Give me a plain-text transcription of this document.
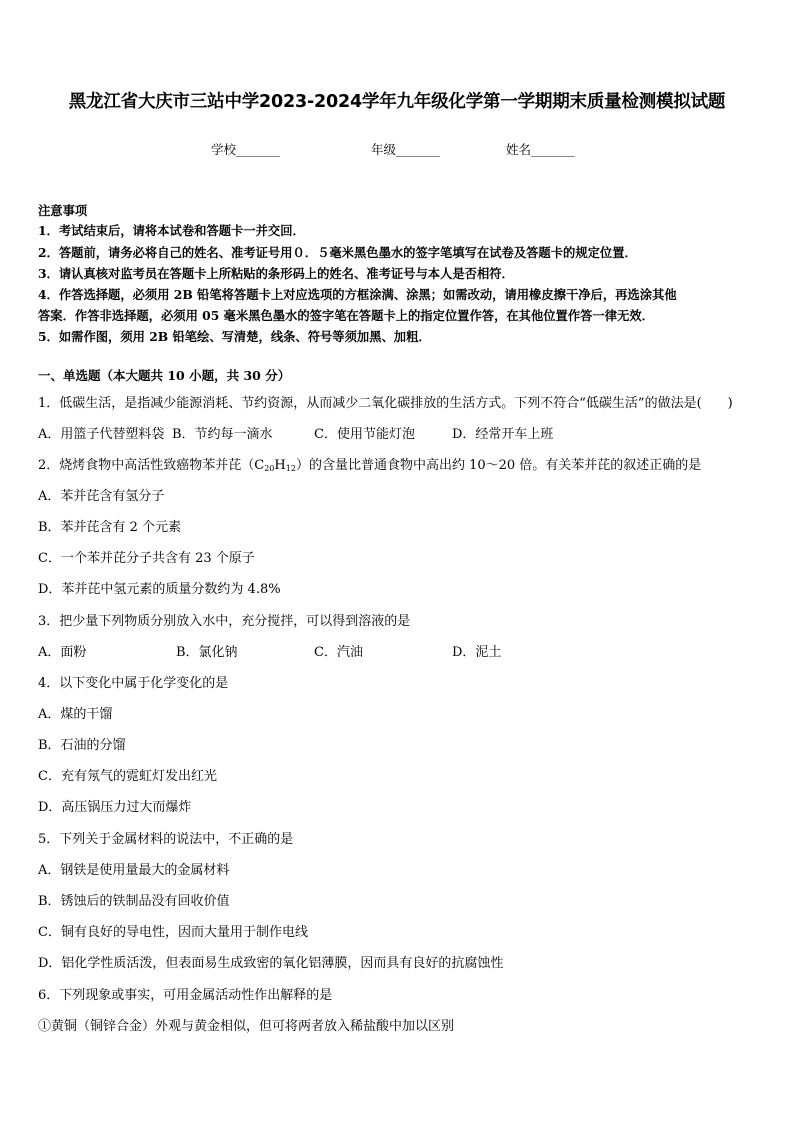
黑龙江省大庆市三站中学2023-2024学年九年级化学第一学期期末质量检测模拟试题
学校_______	年级_______	姓名_______
注意事项
1．考试结束后，请将本试卷和答题卡一并交回．
2．答题前，请务必将自己的姓名、准考证号用０．５毫米黑色墨水的签字笔填写在试卷及答题卡的规定位置．
3．请认真核对监考员在答题卡上所粘贴的条形码上的姓名、准考证号与本人是否相符．
4．作答选择题，必须用 2B 铅笔将答题卡上对应选项的方框涂满、涂黑；如需改动，请用橡皮擦干净后，再选涂其他
答案．作答非选择题，必须用 05 毫米黑色墨水的签字笔在答题卡上的指定位置作答，在其他位置作答一律无效．
5．如需作图，须用 2B 铅笔绘、写清楚，线条、符号等须加黑、加粗．
一、单选题（本大题共 10 小题，共 30 分）
1．低碳生活，是指减少能源消耗、节约资源，从而减少二氧化碳排放的生活方式。下列不符合“低碳生活”的做法是(　　)
A．用篮子代替塑料袋 B．节约每一滴水	C．使用节能灯泡	D．经常开车上班
2．烧烤食物中高活性致癌物苯并芘$(C_{20}H_{12})$的含量比普通食物中高出约 10～20 倍。有关苯并芘的叙述正确的是
A．苯并芘含有氢分子
B．苯并芘含有 2 个元素
C．一个苯并芘分子共含有 23 个原子
D．苯并芘中氢元素的质量分数约为 4.8%
3．把少量下列物质分别放入水中，充分搅拌，可以得到溶液的是
A．面粉	B．氯化钠	C．汽油	D．泥土
4．以下变化中属于化学变化的是
A．煤的干馏
B．石油的分馏
C．充有氖气的霓虹灯发出红光
D．高压锅压力过大而爆炸
5．下列关于金属材料的说法中，不正确的是
A．钢铁是使用量最大的金属材料
B．锈蚀后的铁制品没有回收价值
C．铜有良好的导电性，因而大量用于制作电线
D．铝化学性质活泼，但表面易生成致密的氧化铝薄膜，因而具有良好的抗腐蚀性
6．下列现象或事实，可用金属活动性作出解释的是
①黄铜（铜锌合金）外观与黄金相似，但可将两者放入稀盐酸中加以区别
